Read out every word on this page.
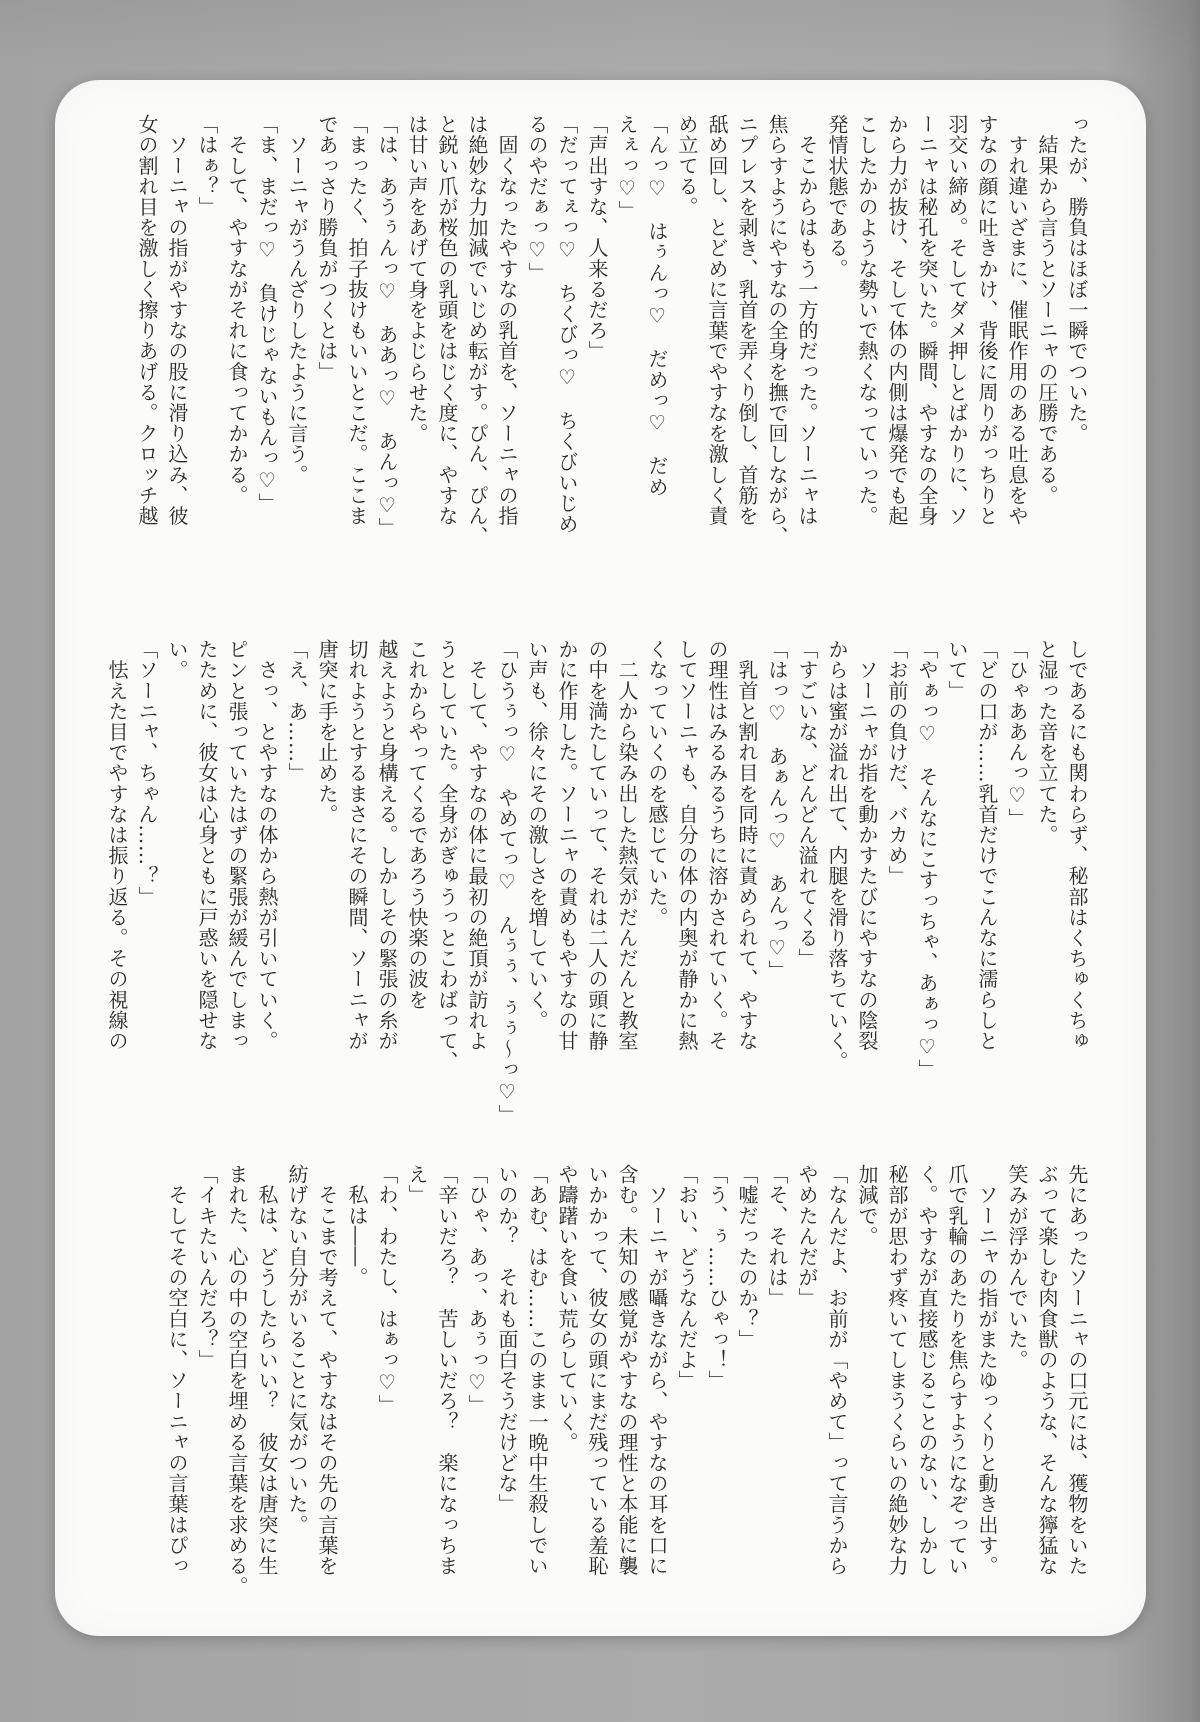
ったが、勝負はほぼ一瞬でついた。
　結果から言うとソーニャの圧勝である。
　すれ違いざまに、催眠作用のある吐息をや
すなの顔に吐きかけ、背後に周りがっちりと
羽交い締め。そしてダメ押しとばかりに、ソ
ーニャは秘孔を突いた。瞬間、やすなの全身
から力が抜け、そして体の内側は爆発でも起
こしたかのような勢いで熱くなっていった。
発情状態である。
　そこからはもう一方的だった。ソーニャは
焦らすようにやすなの全身を撫で回しながら、
ニプレスを剥き、乳首を弄くり倒し、首筋を
舐め回し、とどめに言葉でやすなを激しく責
め立てる。
「んっ♡　はぅんっ♡　だめっ♡　だめ
えぇっ♡」
「声出すな、人来るだろ」
「だってぇっ♡　ちくびっ♡　ちくびいじめ
るのやだぁっ♡」
　固くなったやすなの乳首を、ソーニャの指
は絶妙な力加減でいじめ転がす。ぴん、ぴん、
と鋭い爪が桜色の乳頭をはじく度に、やすな
は甘い声をあげて身をよじらせた。
「は、あうぅんっ♡　ああっ♡　あんっ♡」
「まったく、拍子抜けもいいとこだ。ここま
であっさり勝負がつくとは」
　ソーニャがうんざりしたように言う。
「ま、まだっ♡　負けじゃないもんっ♡」
　そして、やすながそれに食ってかかる。
「はぁ？」
　ソーニャの指がやすなの股に滑り込み、彼
女の割れ目を激しく擦りあげる。クロッチ越
しであるにも関わらず、秘部はくちゅくちゅ
と湿った音を立てた。
「ひゃああんっ♡」
「どの口が……乳首だけでこんなに濡らしと
いて」
「やぁっ♡　そんなにこすっちゃ、あぁっ♡」
「お前の負けだ、バカめ」
　ソーニャが指を動かすたびにやすなの陰裂
からは蜜が溢れ出て、内腿を滑り落ちていく。
「すごいな、どんどん溢れてくる」
「はっ♡　あぁんっ♡　あんっ♡」
　乳首と割れ目を同時に責められて、やすな
の理性はみるみるうちに溶かされていく。そ
してソーニャも、自分の体の内奥が静かに熱
くなっていくのを感じていた。
　二人から染み出した熱気がだんだんと教室
の中を満たしていって、それは二人の頭に静
かに作用した。ソーニャの責めもやすなの甘
い声も、徐々にその激しさを増していく。
「ひうぅっ♡　やめてっ♡　んぅぅ、ぅぅ～っ♡」
　そして、やすなの体に最初の絶頂が訪れよ
うとしていた。全身がぎゅうっとこわばって、
これからやってくるであろう快楽の波を
越えようと身構える。しかしその緊張の糸が
切れようとするまさにその瞬間、ソーニャが
唐突に手を止めた。
「え、あ……」
　さっ、とやすなの体から熱が引いていく。
ピンと張っていたはずの緊張が緩んでしまっ
たために、彼女は心身ともに戸惑いを隠せな
い。
「ソーニャ、ちゃん……？」
　怯えた目でやすなは振り返る。その視線の
先にあったソーニャの口元には、獲物をいた
ぶって楽しむ肉食獣のような、そんな獰猛な
笑みが浮かんでいた。
　ソーニャの指がまたゆっくりと動き出す。
爪で乳輪のあたりを焦らすようになぞってい
く。やすなが直接感じることのない、しかし
秘部が思わず疼いてしまうくらいの絶妙な力
加減で。
「なんだよ、お前が「やめて」って言うから
やめたんだが」
「そ、それは」
「嘘だったのか？」
「う、ぅ……ひゃっ！」
「おい、どうなんだよ」
　ソーニャが囁きながら、やすなの耳を口に
含む。未知の感覚がやすなの理性と本能に襲
いかかって、彼女の頭にまだ残っている羞恥
や躊躇いを食い荒らしていく。
「あむ、はむ……このまま一晩中生殺しでい
いのか？　それも面白そうだけどな」
「ひゃ、あっ、あぅっ♡」
「辛いだろ？　苦しいだろ？　楽になっちま
え」
「わ、わたし、はぁっ♡」
　私は――。
　そこまで考えて、やすなはその先の言葉を
紡げない自分がいることに気がついた。
　私は、どうしたらいい？　彼女は唐突に生
まれた、心の中の空白を埋める言葉を求める。
「イキたいんだろ？」
　そしてその空白に、ソーニャの言葉はぴっ
